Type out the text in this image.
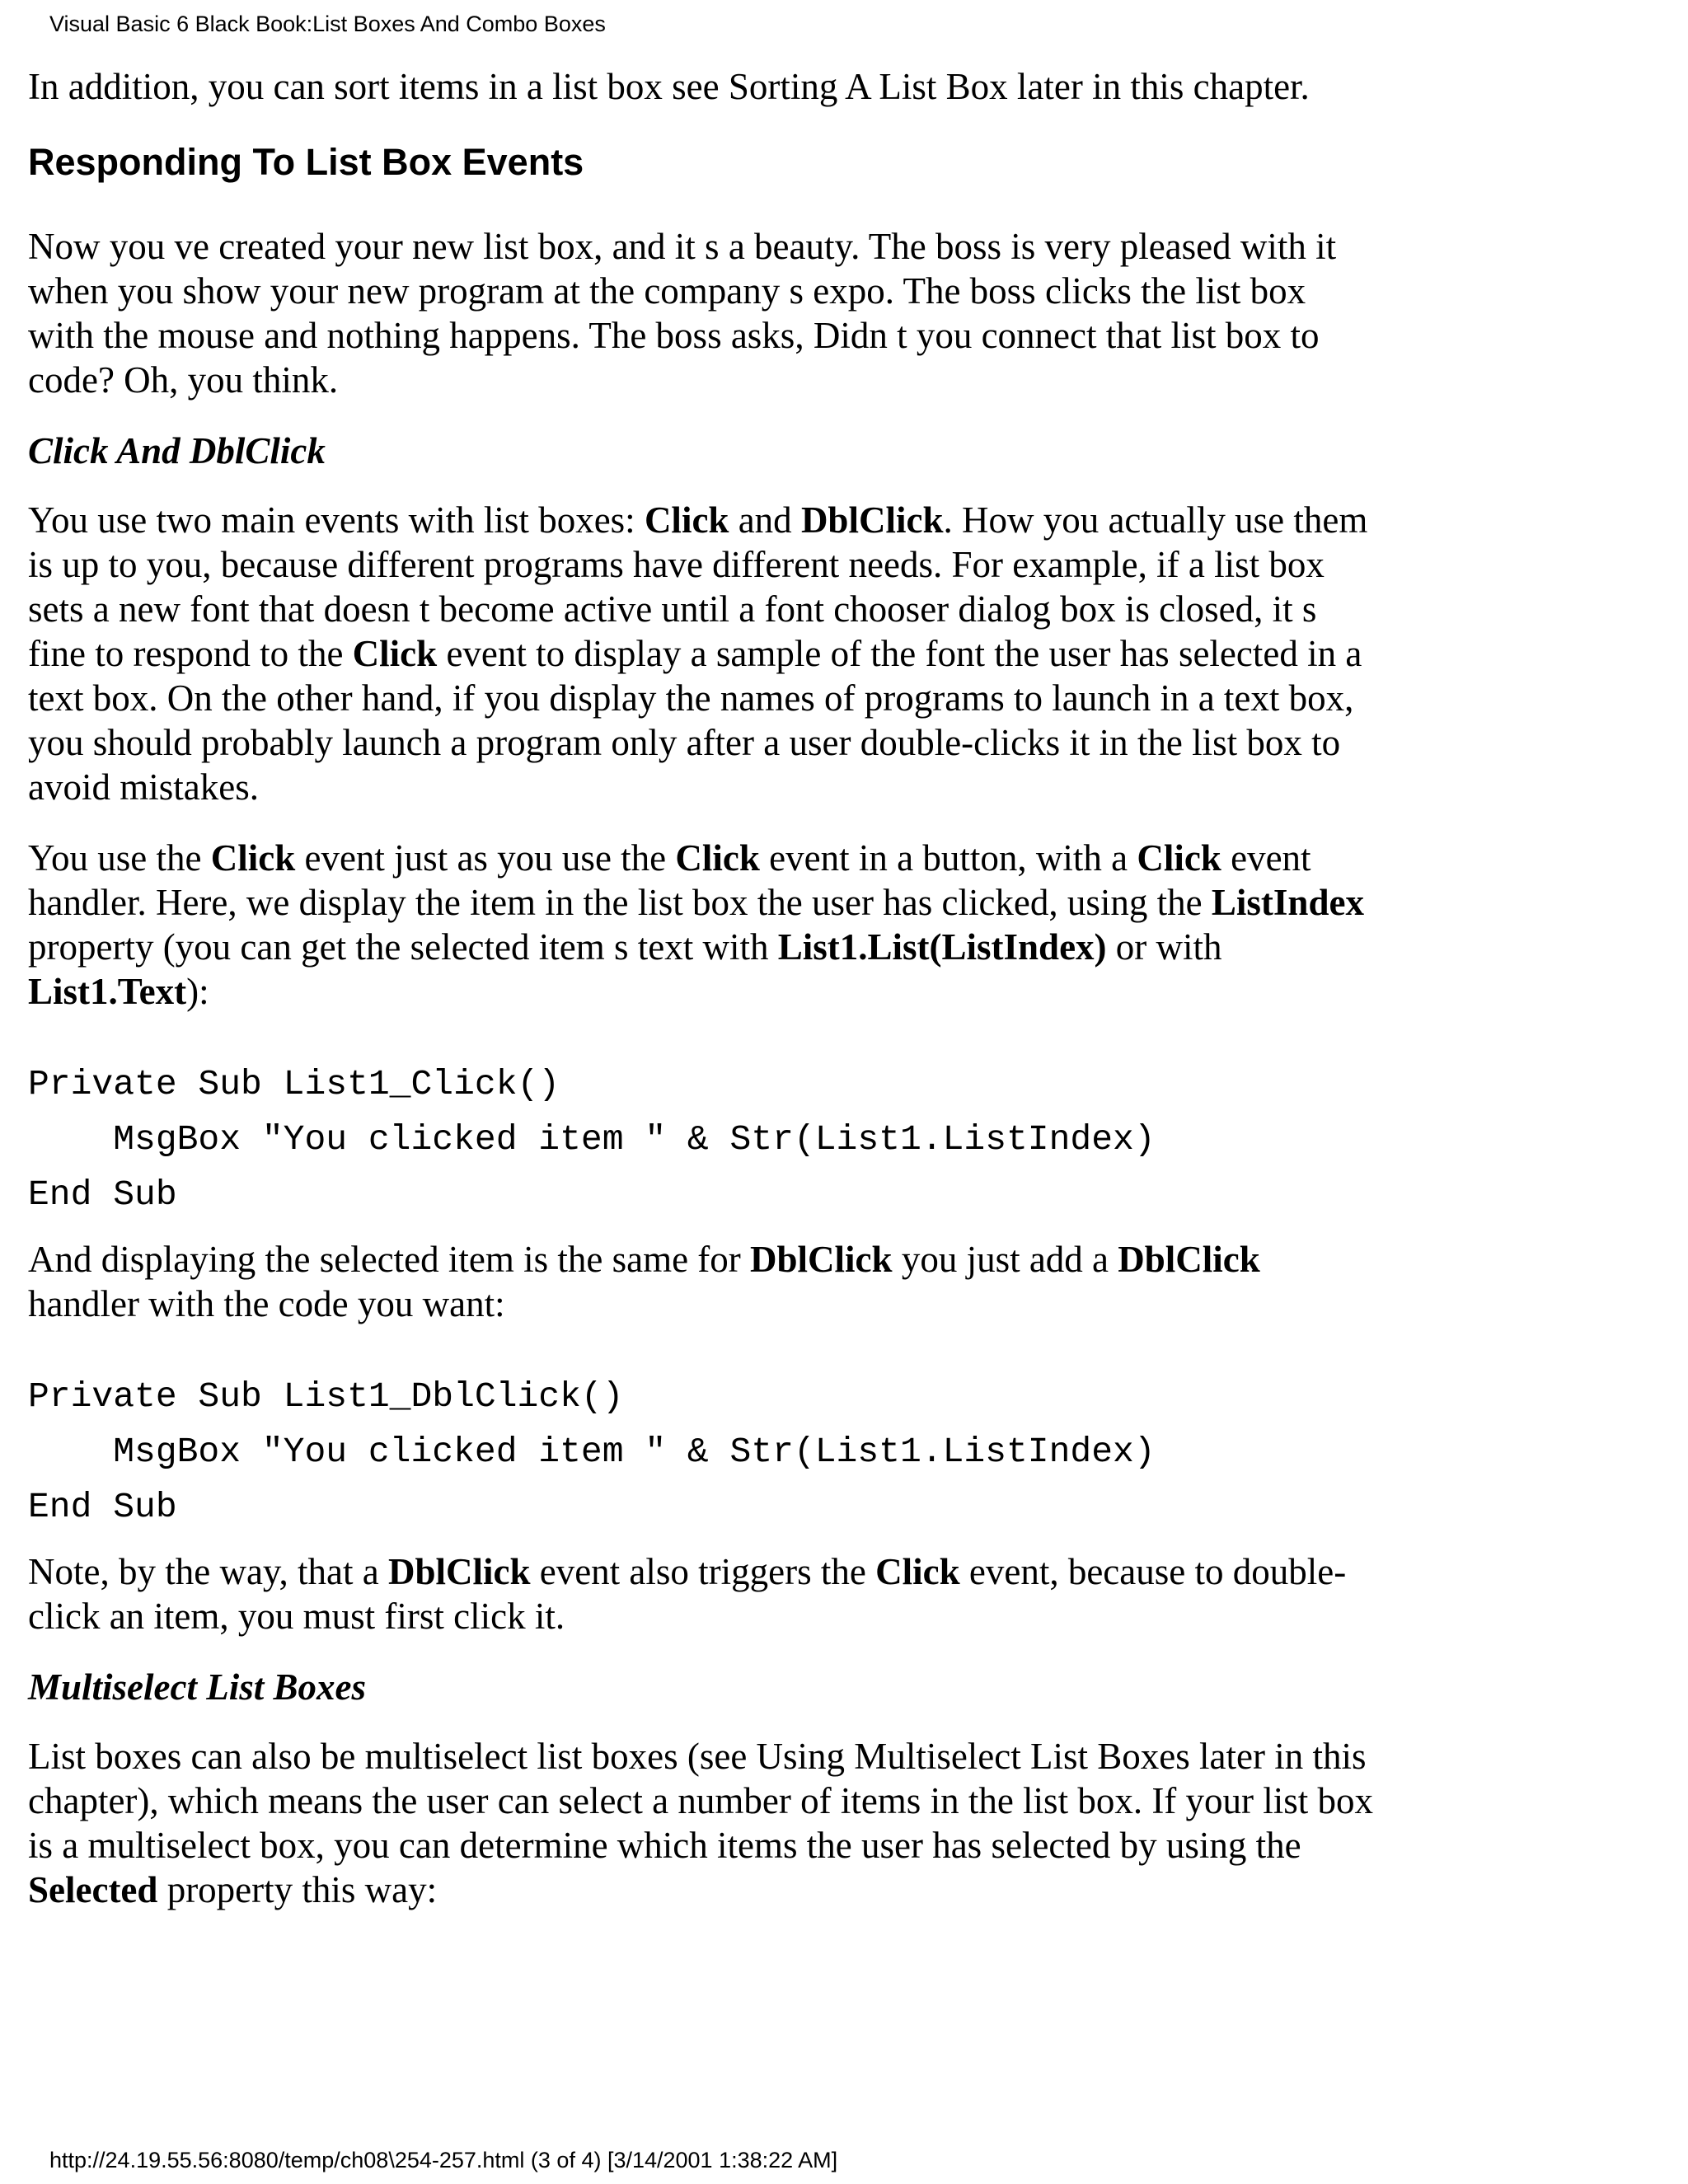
Visual Basic 6 Black Book:List Boxes And Combo Boxes

In addition, you can sort items in a list box see Sorting A List Box later in this chapter.

Responding To List Box Events

Now you ve created your new list box, and it s a beauty. The boss is very pleased with it when you show your new program at the company s expo. The boss clicks the list box with the mouse and nothing happens. The boss asks, Didn t you connect that list box to code? Oh, you think.

Click And DblClick

You use two main events with list boxes: Click and DblClick. How you actually use them is up to you, because different programs have different needs. For example, if a list box sets a new font that doesn t become active until a font chooser dialog box is closed, it s fine to respond to the Click event to display a sample of the font the user has selected in a text box. On the other hand, if you display the names of programs to launch in a text box, you should probably launch a program only after a user double-clicks it in the list box to avoid mistakes.

You use the Click event just as you use the Click event in a button, with a Click event handler. Here, we display the item in the list box the user has clicked, using the ListIndex property (you can get the selected item s text with List1.List(ListIndex) or with List1.Text):

Private Sub List1_Click()
MsgBox "You clicked item " & Str(List1.ListIndex)
End Sub

And displaying the selected item is the same for DblClick you just add a DblClick handler with the code you want:

Private Sub List1_DblClick()
MsgBox "You clicked item " & Str(List1.ListIndex)
End Sub

Note, by the way, that a DblClick event also triggers the Click event, because to double-click an item, you must first click it.

Multiselect List Boxes

List boxes can also be multiselect list boxes (see Using Multiselect List Boxes later in this chapter), which means the user can select a number of items in the list box. If your list box is a multiselect box, you can determine which items the user has selected by using the Selected property this way:

http://24.19.55.56:8080/temp/ch08\254-257.html (3 of 4) [3/14/2001 1:38:22 AM]
